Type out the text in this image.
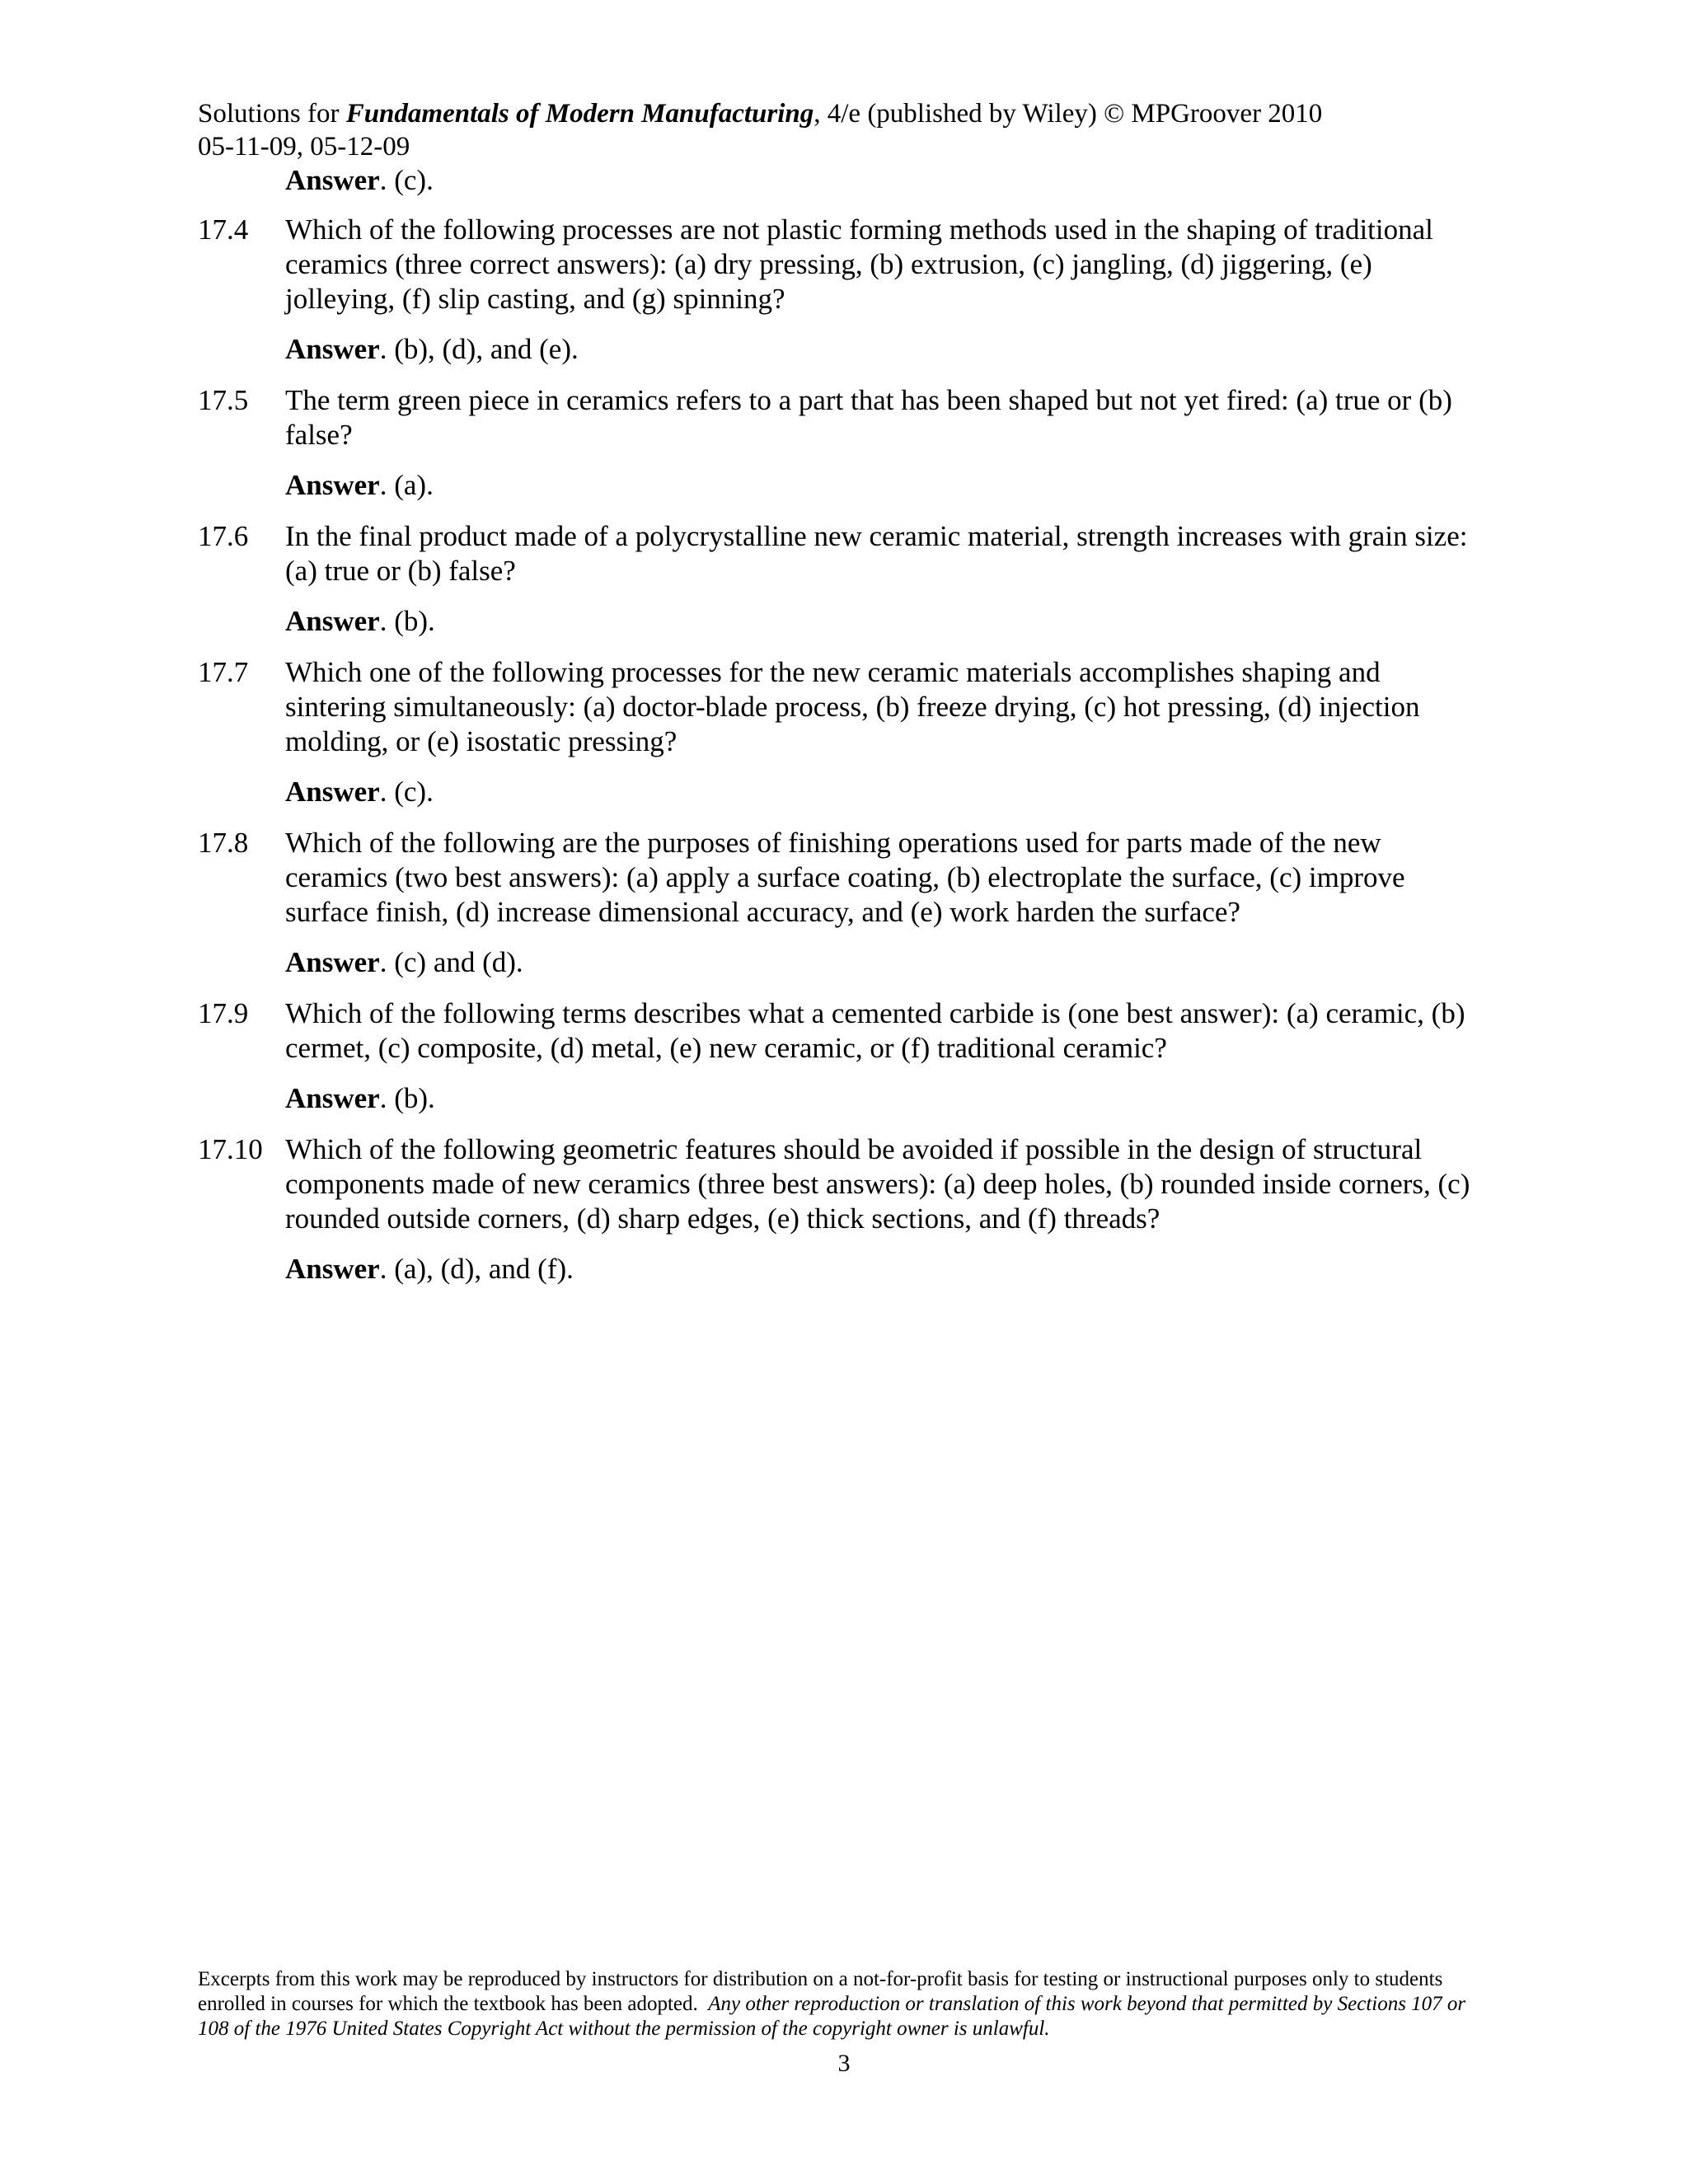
Solutions for Fundamentals of Modern Manufacturing, 4/e (published by Wiley) © MPGroover 2010
05-11-09, 05-12-09
Answer. (c).
17.4	Which of the following processes are not plastic forming methods used in the shaping of traditional ceramics (three correct answers): (a) dry pressing, (b) extrusion, (c) jangling, (d) jiggering, (e) jolleying, (f) slip casting, and (g) spinning?

Answer. (b), (d), and (e).
17.5	The term green piece in ceramics refers to a part that has been shaped but not yet fired: (a) true or (b) false?

Answer. (a).
17.6	In the final product made of a polycrystalline new ceramic material, strength increases with grain size: (a) true or (b) false?

Answer. (b).
17.7	Which one of the following processes for the new ceramic materials accomplishes shaping and sintering simultaneously: (a) doctor-blade process, (b) freeze drying, (c) hot pressing, (d) injection molding, or (e) isostatic pressing?

Answer. (c).
17.8	Which of the following are the purposes of finishing operations used for parts made of the new ceramics (two best answers): (a) apply a surface coating, (b) electroplate the surface, (c) improve surface finish, (d) increase dimensional accuracy, and (e) work harden the surface?

Answer. (c) and (d).
17.9	Which of the following terms describes what a cemented carbide is (one best answer): (a) ceramic, (b) cermet, (c) composite, (d) metal, (e) new ceramic, or (f) traditional ceramic?

Answer. (b).
17.10 Which of the following geometric features should be avoided if possible in the design of structural components made of new ceramics (three best answers): (a) deep holes, (b) rounded inside corners, (c) rounded outside corners, (d) sharp edges, (e) thick sections, and (f) threads?

Answer. (a), (d), and (f).
Excerpts from this work may be reproduced by instructors for distribution on a not-for-profit basis for testing or instructional purposes only to students enrolled in courses for which the textbook has been adopted. Any other reproduction or translation of this work beyond that permitted by Sections 107 or 108 of the 1976 United States Copyright Act without the permission of the copyright owner is unlawful.
3
